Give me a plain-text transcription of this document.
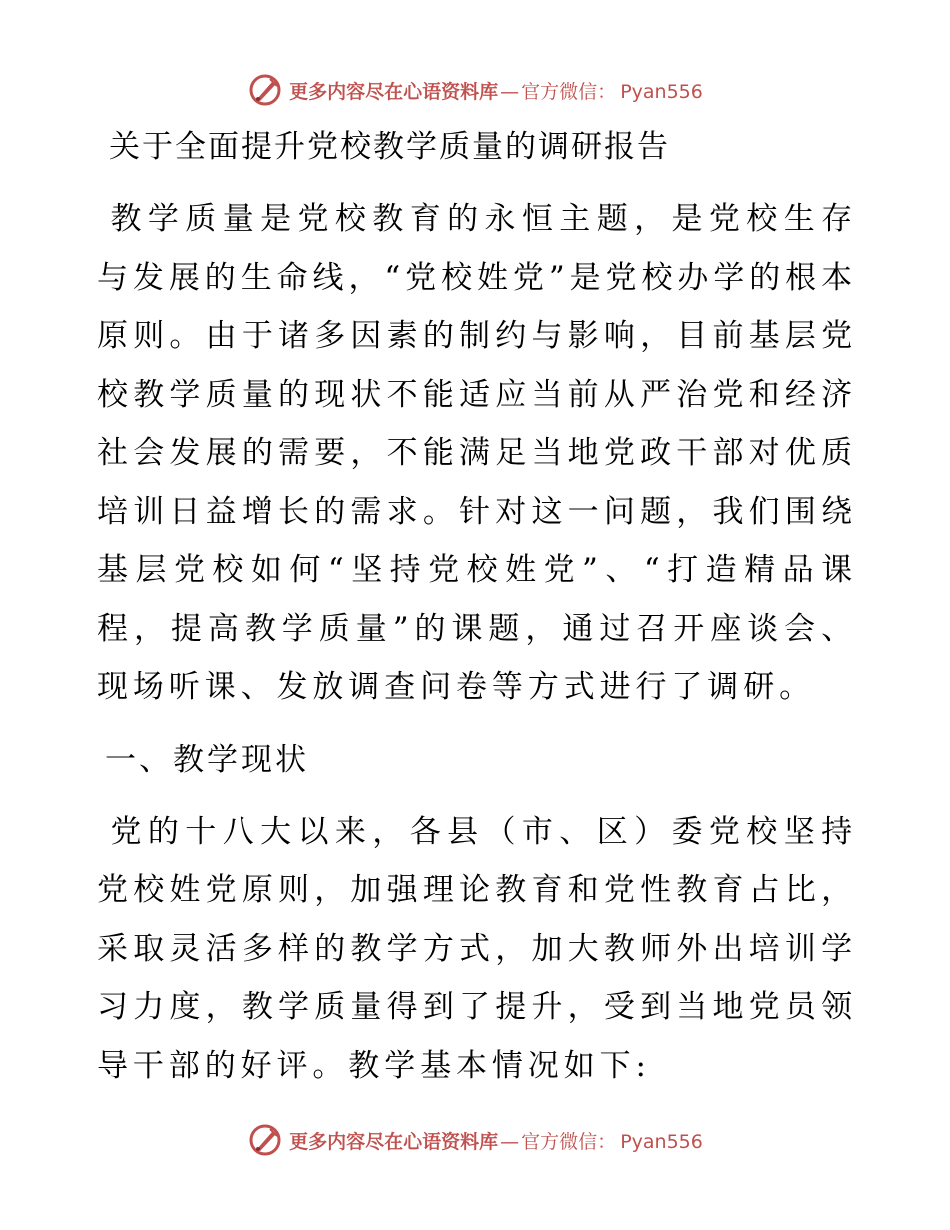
更多内容尽在心语资料库 — 官方微信： Pyan556
关于全面提升党校教学质量的调研报告

教学质量是党校教育的永恒主题，是党校生存与发展的生命线，“党校姓党”是党校办学的根本原则。由于诸多因素的制约与影响，目前基层党校教学质量的现状不能适应当前从严治党和经济社会发展的需要，不能满足当地党政干部对优质培训日益增长的需求。针对这一问题，我们围绕基层党校如何“坚持党校姓党”、“打造精品课程，提高教学质量”的课题，通过召开座谈会、现场听课、发放调查问卷等方式进行了调研。

一、教学现状

党的十八大以来，各县（市、区）委党校坚持党校姓党原则，加强理论教育和党性教育占比，采取灵活多样的教学方式，加大教师外出培训学习力度，教学质量得到了提升，受到当地党员领导干部的好评。教学基本情况如下:

更多内容尽在心语资料库 — 官方微信： Pyan556
